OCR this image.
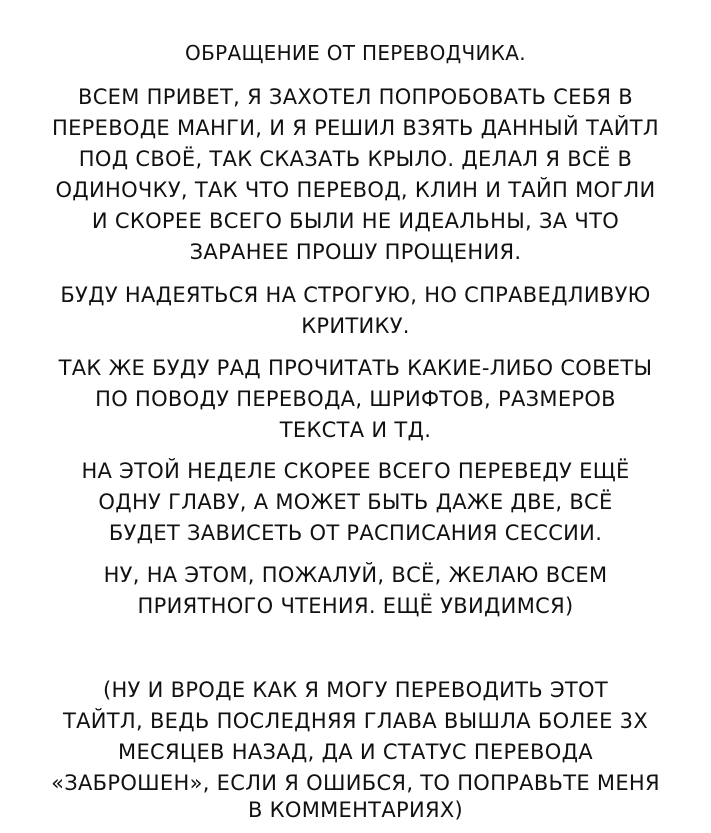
ОБРАЩЕНИЕ ОТ ПЕРЕВОДЧИКА.
ВСЕМ ПРИВЕТ, Я ЗАХОТЕЛ ПОПРОБОВАТЬ СЕБЯ В
ПЕРЕВОДЕ МАНГИ, И Я РЕШИЛ ВЗЯТЬ ДАННЫЙ ТАЙТЛ
ПОД СВОЁ, ТАК СКАЗАТЬ КРЫЛО. ДЕЛАЛ Я ВСЁ В
ОДИНОЧКУ, ТАК ЧТО ПЕРЕВОД, КЛИН И ТАЙП МОГЛИ
И СКОРЕЕ ВСЕГО БЫЛИ НЕ ИДЕАЛЬНЫ, ЗА ЧТО
ЗАРАНЕЕ ПРОШУ ПРОЩЕНИЯ.
БУДУ НАДЕЯТЬСЯ НА СТРОГУЮ, НО СПРАВЕДЛИВУЮ
КРИТИКУ.
ТАК ЖЕ БУДУ РАД ПРОЧИТАТЬ КАКИЕ-ЛИБО СОВЕТЫ
ПО ПОВОДУ ПЕРЕВОДА, ШРИФТОВ, РАЗМЕРОВ
ТЕКСТА И ТД.
НА ЭТОЙ НЕДЕЛЕ СКОРЕЕ ВСЕГО ПЕРЕВЕДУ ЕЩЁ
ОДНУ ГЛАВУ, А МОЖЕТ БЫТЬ ДАЖЕ ДВЕ, ВСЁ
БУДЕТ ЗАВИСЕТЬ ОТ РАСПИСАНИЯ СЕССИИ.
НУ, НА ЭТОМ, ПОЖАЛУЙ, ВСЁ, ЖЕЛАЮ ВСЕМ
ПРИЯТНОГО ЧТЕНИЯ. ЕЩЁ УВИДИМСЯ)
(НУ И ВРОДЕ КАК Я МОГУ ПЕРЕВОДИТЬ ЭТОТ
ТАЙТЛ, ВЕДЬ ПОСЛЕДНЯЯ ГЛАВА ВЫШЛА БОЛЕЕ 3Х
МЕСЯЦЕВ НАЗАД, ДА И СТАТУС ПЕРЕВОДА
«ЗАБРОШЕН», ЕСЛИ Я ОШИБСЯ, ТО ПОПРАВЬТЕ МЕНЯ
В КОММЕНТАРИЯХ)
